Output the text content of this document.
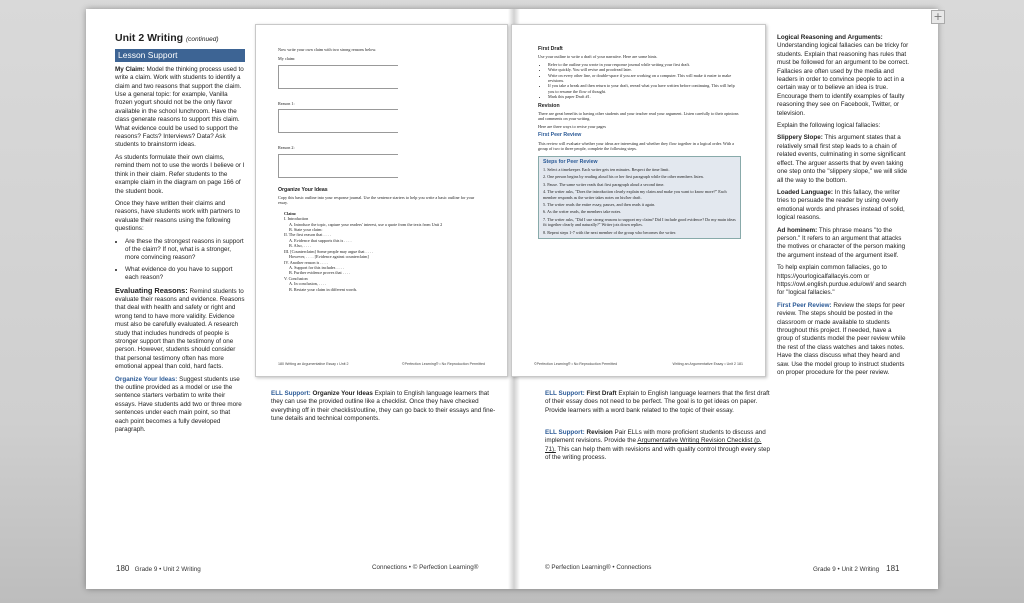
+
Unit 2 Writing (continued)
Lesson Support

My Claim: Model the thinking process used to write a claim. Work with students to identify a claim and two reasons that support the claim. Use a general topic: for example, Vanilla frozen yogurt should not be the only flavor available in the school lunchroom. Have the class generate reasons to support this claim. What evidence could be used to support the reasons? Facts? Interviews? Data? Ask students to brainstorm ideas.

As students formulate their own claims, remind them not to use the words I believe or I think in their claim. Refer students to the example claim in the diagram on page 166 of the student book.

Once they have written their claims and reasons, have students work with partners to evaluate their reasons using the following questions:

• Are these the strongest reasons in support of the claim? If not, what is a stronger, more convincing reason?
• What evidence do you have to support each reason?

Evaluating Reasons: Remind students to evaluate their reasons and evidence. Reasons that deal with health and safety or right and wrong tend to have more validity. Evidence must also be carefully evaluated. A research study that includes hundreds of people is stronger support than the testimony of one person. However, students should consider that personal testimony often has more emotional appeal than cold, hard facts.

Organize Your Ideas: Suggest students use the outline provided as a model or use the sentence starters verbatim to write their essays. Have students add two or three more sentences under each main point, so that each point becomes a fully developed paragraph.

Now write your own claim with two strong reasons below.
My claim:
Reason 1:
Reason 2:
Organize Your Ideas
Copy this basic outline into your response journal. Use the sentence starters to help you write a basic outline for your essay.
Claim:
I. Introduction
A. Introduce the topic, capture your readers' interest, use a quote from the texts from Unit 2
B. State your claim:
II. The first reason that . . . .
A. Evidence that supports this is . . . .
B. Also, . . . .
III. [Counterclaim] Some people may argue that . . . .
However, . . . . [Evidence against counterclaim]
IV. Another reason is . . . .
A. Support for this includes . . . .
B. Further evidence proves that . . . .
V. Conclusion
A. In conclusion, . . . .
B. Restate your claim in different words.
180 Writing an Argumentative Essay • Unit 2	©Perfection Learning® • No Reproduction Permitted
First Draft
Use your outline to write a draft of your narrative. Here are some hints.
• Refer to the outline you wrote in your response journal while writing your first draft.
• Write quickly. You will revise and proofread later.
• Write on every other line, or double-space if you are working on a computer. This will make it easier to make revisions.
• If you take a break and then return to your draft, reread what you have written before continuing. This will help you to resume the flow of thought.
• Mark this paper Draft #1.
Revision
There are great benefits to having other students and your teacher read your argument. Listen carefully to their opinions and comments on your writing.
Here are three ways to revise your pages
First Peer Review
This review will evaluate whether your ideas are interesting and whether they flow together in a logical order. With a group of two to three people, complete the following steps.
Steps for Peer Review
1. Select a timekeeper. Each writer gets ten minutes. Respect the time limit.
2. One person begins by reading aloud his or her first paragraph while the other members listen.
3. Pause. The same writer reads that first paragraph aloud a second time.
4. The writer asks, "Does the introduction clearly explain my claim and make you want to know more?" Each member responds as the writer takes notes on his/her draft.
5. The writer reads the entire essay, pauses, and then reads it again.
6. As the writer reads, the members take notes.
7. The writer asks, "Did I use strong reasons to support my claim? Did I include good evidence? Do my main ideas fit together clearly and naturally?" Writer jots down replies.
8. Repeat steps 1-7 with the next member of the group who becomes the writer.
©Perfection Learning® • No Reproduction Permitted	Writing an Argumentative Essay • Unit 2 181
ELL Support: Organize Your Ideas Explain to English language learners that they can use the provided outline like a checklist. Once they have checked everything off in their checklist/outline, they can go back to their essays and fine-tune details and technical components.
ELL Support: First Draft Explain to English language learners that the first draft of their essay does not need to be perfect. The goal is to get ideas on paper. Provide learners with a word bank related to the topic of their essay.
ELL Support: Revision Pair ELLs with more proficient students to discuss and implement revisions. Provide the Argumentative Writing Revision Checklist (p. 71). This can help them with revisions and with quality control through every step of the writing process.

Logical Reasoning and Arguments: Understanding logical fallacies can be tricky for students. Explain that reasoning has rules that must be followed for an argument to be correct. Fallacies are often used by the media and leaders in order to convince people to act in a certain way or to believe an idea is true. Encourage them to identify examples of faulty reasoning they see on Facebook, Twitter, or television.

Explain the following logical fallacies:

Slippery Slope: This argument states that a relatively small first step leads to a chain of related events, culminating in some significant effect. The arguer asserts that by even taking one step onto the "slippery slope," we will slide all the way to the bottom.

Loaded Language: In this fallacy, the writer tries to persuade the reader by using overly emotional words and phrases instead of solid, logical reasons.

Ad hominem: This phrase means "to the person." It refers to an argument that attacks the motives or character of the person making the argument instead of the argument itself.

To help explain common fallacies, go to https://yourlogicalfallacyis.com or https://owl.english.purdue.edu/owl/ and search for "logical fallacies."

First Peer Review: Review the steps for peer review. The steps should be posted in the classroom or made available to students throughout this project. If needed, have a group of students model the peer review while the rest of the class watches and takes notes. Have the class discuss what they heard and saw. Use the model group to instruct students on proper procedure for the peer review.

180 Grade 9 • Unit 2 Writing	Connections • © Perfection Learning®	© Perfection Learning® • Connections	Grade 9 • Unit 2 Writing 181
